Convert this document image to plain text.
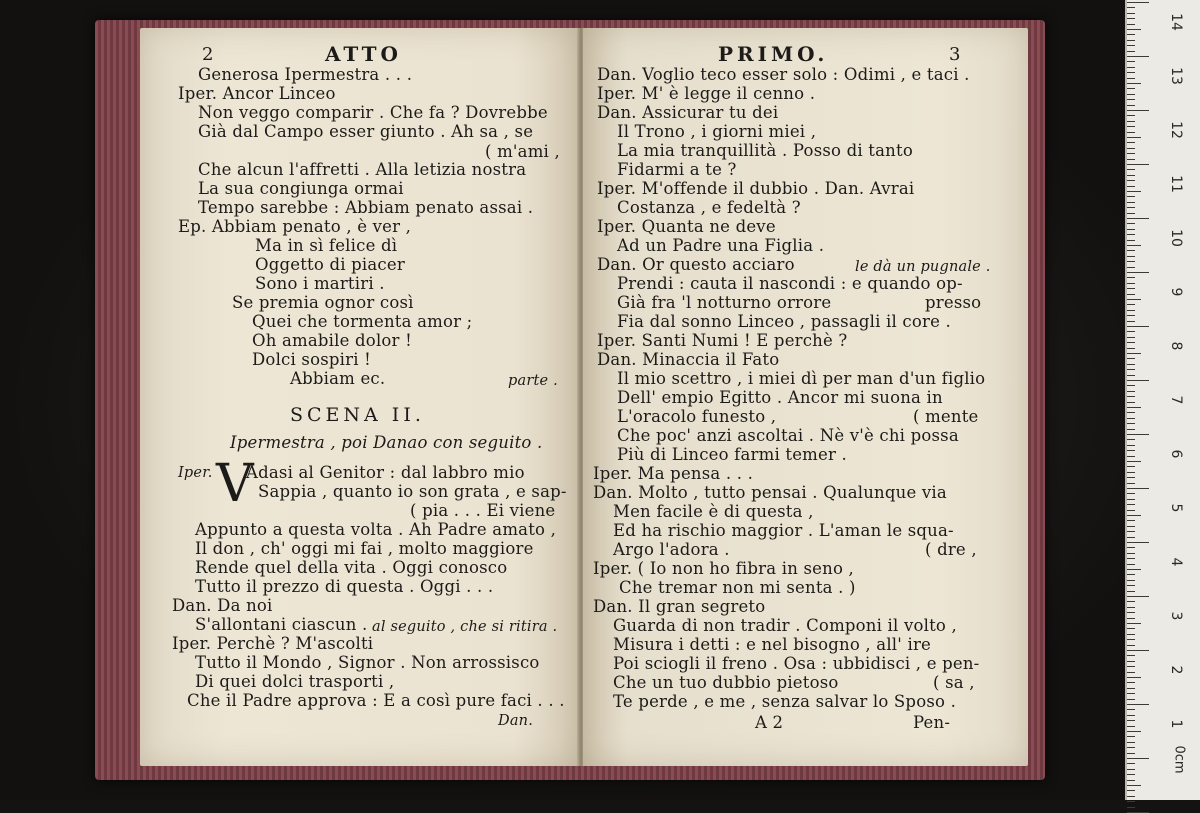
2	ATTO
Generosa Ipermestra . . .
Iper. Ancor Linceo
Non veggo comparir . Che fa ? Dovrebbe
Già dal Campo esser giunto . Ah sa , se
( m'ami ,
Che alcun l'affretti . Alla letizia nostra
La sua congiunga ormai
Tempo sarebbe : Abbiam penato assai .
Ep. Abbiam penato , è ver ,
Ma in sì felice dì
Oggetto di piacer
Sono i martiri .
Se premia ognor così
Quei che tormenta amor ;
Oh amabile dolor !
Dolci sospiri !
Abbiam ec.	parte .
SCENA II.
Ipermestra , poi Danao con seguito .
Iper. V
Adasi al Genitor : dal labbro mio
Sappia , quanto io son grata , e sap-
( pia . . . Ei viene
Appunto a questa volta . Ah Padre amato ,
Il don , ch' oggi mi fai , molto maggiore
Rende quel della vita . Oggi conosco
Tutto il prezzo di questa . Oggi . . .
Dan. Da noi
S'allontani ciascun . al seguito , che si ritira .
Iper. Perchè ? M'ascolti
Tutto il Mondo , Signor . Non arrossisco
Di quei dolci trasporti ,
Che il Padre approva : E a così pure faci . . .
Dan.
PRIMO.	3
Dan. Voglio teco esser solo : Odimi , e taci .
Iper. M' è legge il cenno .
Dan. Assicurar tu dei
Il Trono , i giorni miei ,
La mia tranquillità . Posso di tanto
Fidarmi a te ?
Iper. M'offende il dubbio . Dan. Avrai
Costanza , e fedeltà ?
Iper. Quanta ne deve
Ad un Padre una Figlia .
Dan. Or questo acciaro	le dà un pugnale .
Prendi : cauta il nascondi : e quando op-
Già fra 'l notturno orrore	presso
Fia dal sonno Linceo , passagli il core .
Iper. Santi Numi ! E perchè ?
Dan. Minaccia il Fato
Il mio scettro , i miei dì per man d'un figlio
Dell' empio Egitto . Ancor mi suona in
L'oracolo funesto ,	( mente
Che poc' anzi ascoltai . Nè v'è chi possa
Più di Linceo farmi temer .
Iper. Ma pensa . . .
Dan. Molto , tutto pensai . Qualunque via
Men facile è di questa ,
Ed ha rischio maggior . L'aman le squa-
Argo l'adora .	( dre ,
Iper. ( Io non ho fibra in seno ,
Che tremar non mi senta . )
Dan. Il gran segreto
Guarda di non tradir . Componi il volto ,
Misura i detti : e nel bisogno , all' ire
Poi sciogli il freno . Osa : ubbidisci , e pen-
Che un tuo dubbio pietoso	( sa ,
Te perde , e me , senza salvar lo Sposo .
A 2	Pen-
14
13
12
11
10
9
8
7
6
5
4
3
2
1
0cm
